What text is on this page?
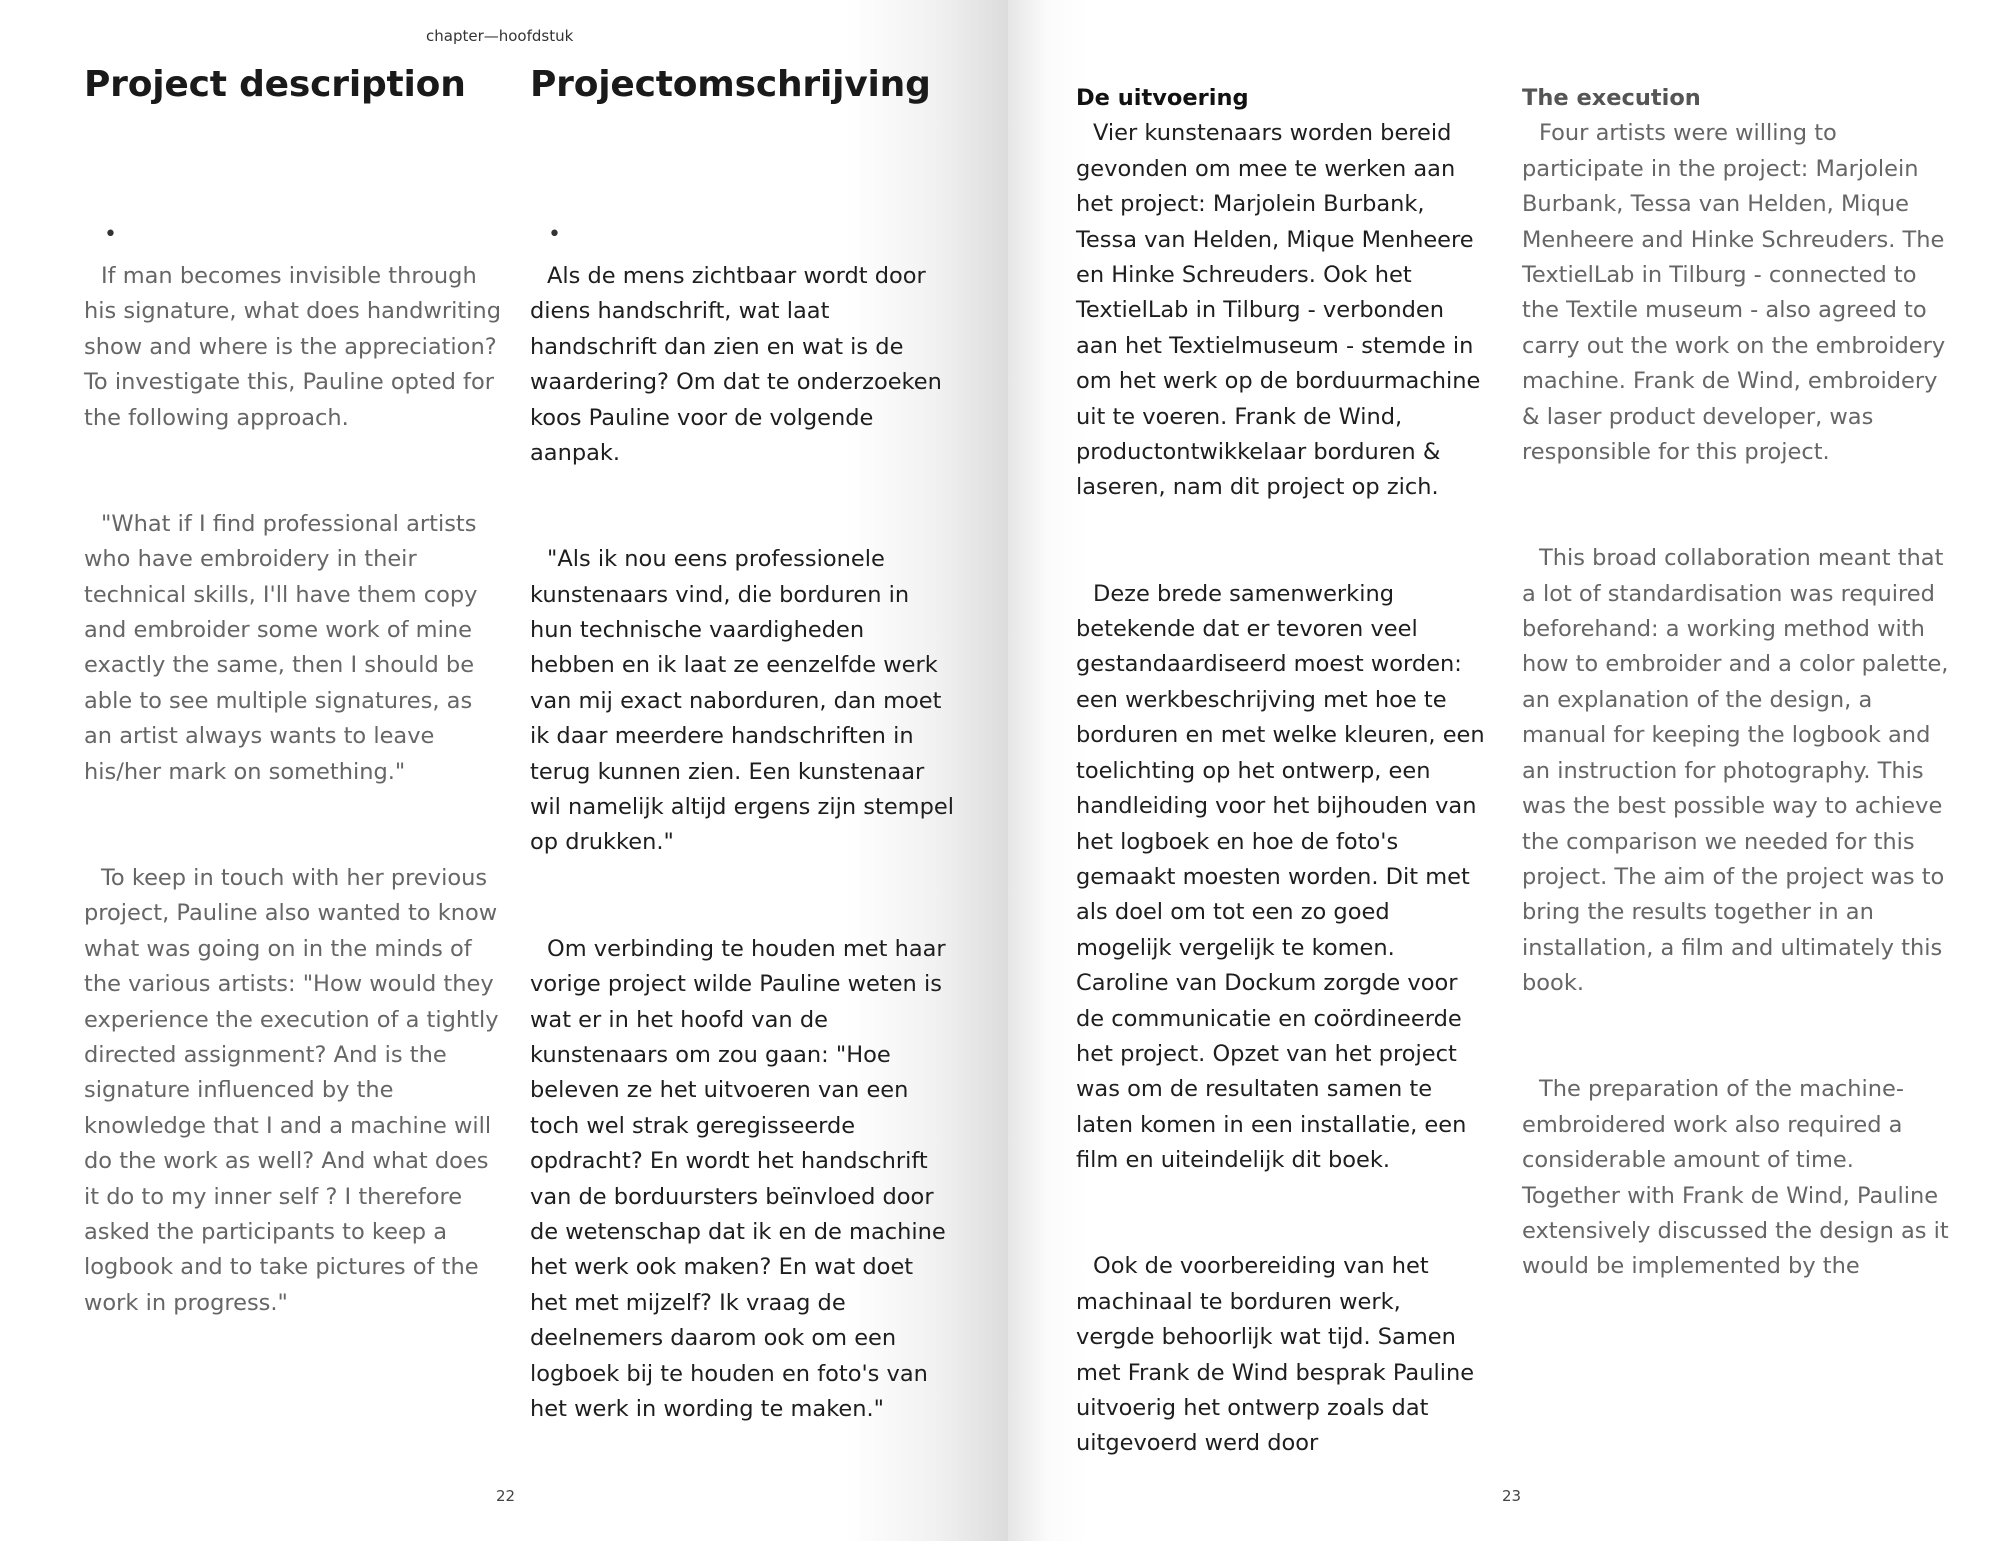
chapter—hoofdstuk
Project description Projectomschrijving
•	•

If man becomes invisible through his signature, what does handwriting show and where is the appreciation? To investigate this, Pauline opted for the following approach.

"What if I find professional artists who have embroidery in their technical skills, I'll have them copy and embroider some work of mine exactly the same, then I should be able to see multiple signatures, as an artist always wants to leave his/her mark on something."

To keep in touch with her previous project, Pauline also wanted to know what was going on in the minds of the various artists: "How would they experience the execution of a tightly directed assignment? And is the signature influenced by the knowledge that I and a machine will do the work as well? And what does it do to my inner self ? I therefore asked the participants to keep a logbook and to take pictures of the work in progress."

Als de mens zichtbaar wordt door diens handschrift, wat laat handschrift dan zien en wat is de waardering? Om dat te onderzoeken koos Pauline voor de volgende aanpak.

"Als ik nou eens professionele kunstenaars vind, die borduren in hun technische vaardigheden hebben en ik laat ze eenzelfde werk van mij exact naborduren, dan moet ik daar meerdere handschriften in terug kunnen zien. Een kunstenaar wil namelijk altijd ergens zijn stempel op drukken."

Om verbinding te houden met haar vorige project wilde Pauline weten is wat er in het hoofd van de kunstenaars om zou gaan: "Hoe beleven ze het uitvoeren van een toch wel strak geregisseerde opdracht? En wordt het handschrift van de borduursters beïnvloed door de wetenschap dat ik en de machine het werk ook maken? En wat doet het met mijzelf? Ik vraag de deelnemers daarom ook om een logboek bij te houden en foto's van het werk in wording te maken."

22

De uitvoering

Vier kunstenaars worden bereid gevonden om mee te werken aan het project: Marjolein Burbank, Tessa van Helden, Mique Menheere en Hinke Schreuders. Ook het TextielLab in Tilburg - verbonden aan het Textielmuseum - stemde in om het werk op de borduurmachine uit te voeren. Frank de Wind, productontwikkelaar borduren & laseren, nam dit project op zich.

Deze brede samenwerking betekende dat er tevoren veel gestandaardiseerd moest worden: een werkbeschrijving met hoe te borduren en met welke kleuren, een toelichting op het ontwerp, een handleiding voor het bijhouden van het logboek en hoe de foto's gemaakt moesten worden. Dit met als doel om tot een zo goed mogelijk vergelijk te komen. Caroline van Dockum zorgde voor de communicatie en coördineerde het project. Opzet van het project was om de resultaten samen te laten komen in een installatie, een film en uiteindelijk dit boek.

Ook de voorbereiding van het machinaal te borduren werk, vergde behoorlijk wat tijd. Samen met Frank de Wind besprak Pauline uitvoerig het ontwerp zoals dat uitgevoerd werd door

The execution

Four artists were willing to participate in the project: Marjolein Burbank, Tessa van Helden, Mique Menheere and Hinke Schreuders. The TextielLab in Tilburg - connected to the Textile museum - also agreed to carry out the work on the embroidery machine. Frank de Wind, embroidery & laser product developer, was responsible for this project.

This broad collaboration meant that a lot of standardisation was required beforehand: a working method with how to embroider and a color palette, an explanation of the design, a manual for keeping the logbook and an instruction for photography. This was the best possible way to achieve the comparison we needed for this project. The aim of the project was to bring the results together in an installation, a film and ultimately this book.

The preparation of the machine-embroidered work also required a considerable amount of time. Together with Frank de Wind, Pauline extensively discussed the design as it would be implemented by the

23
